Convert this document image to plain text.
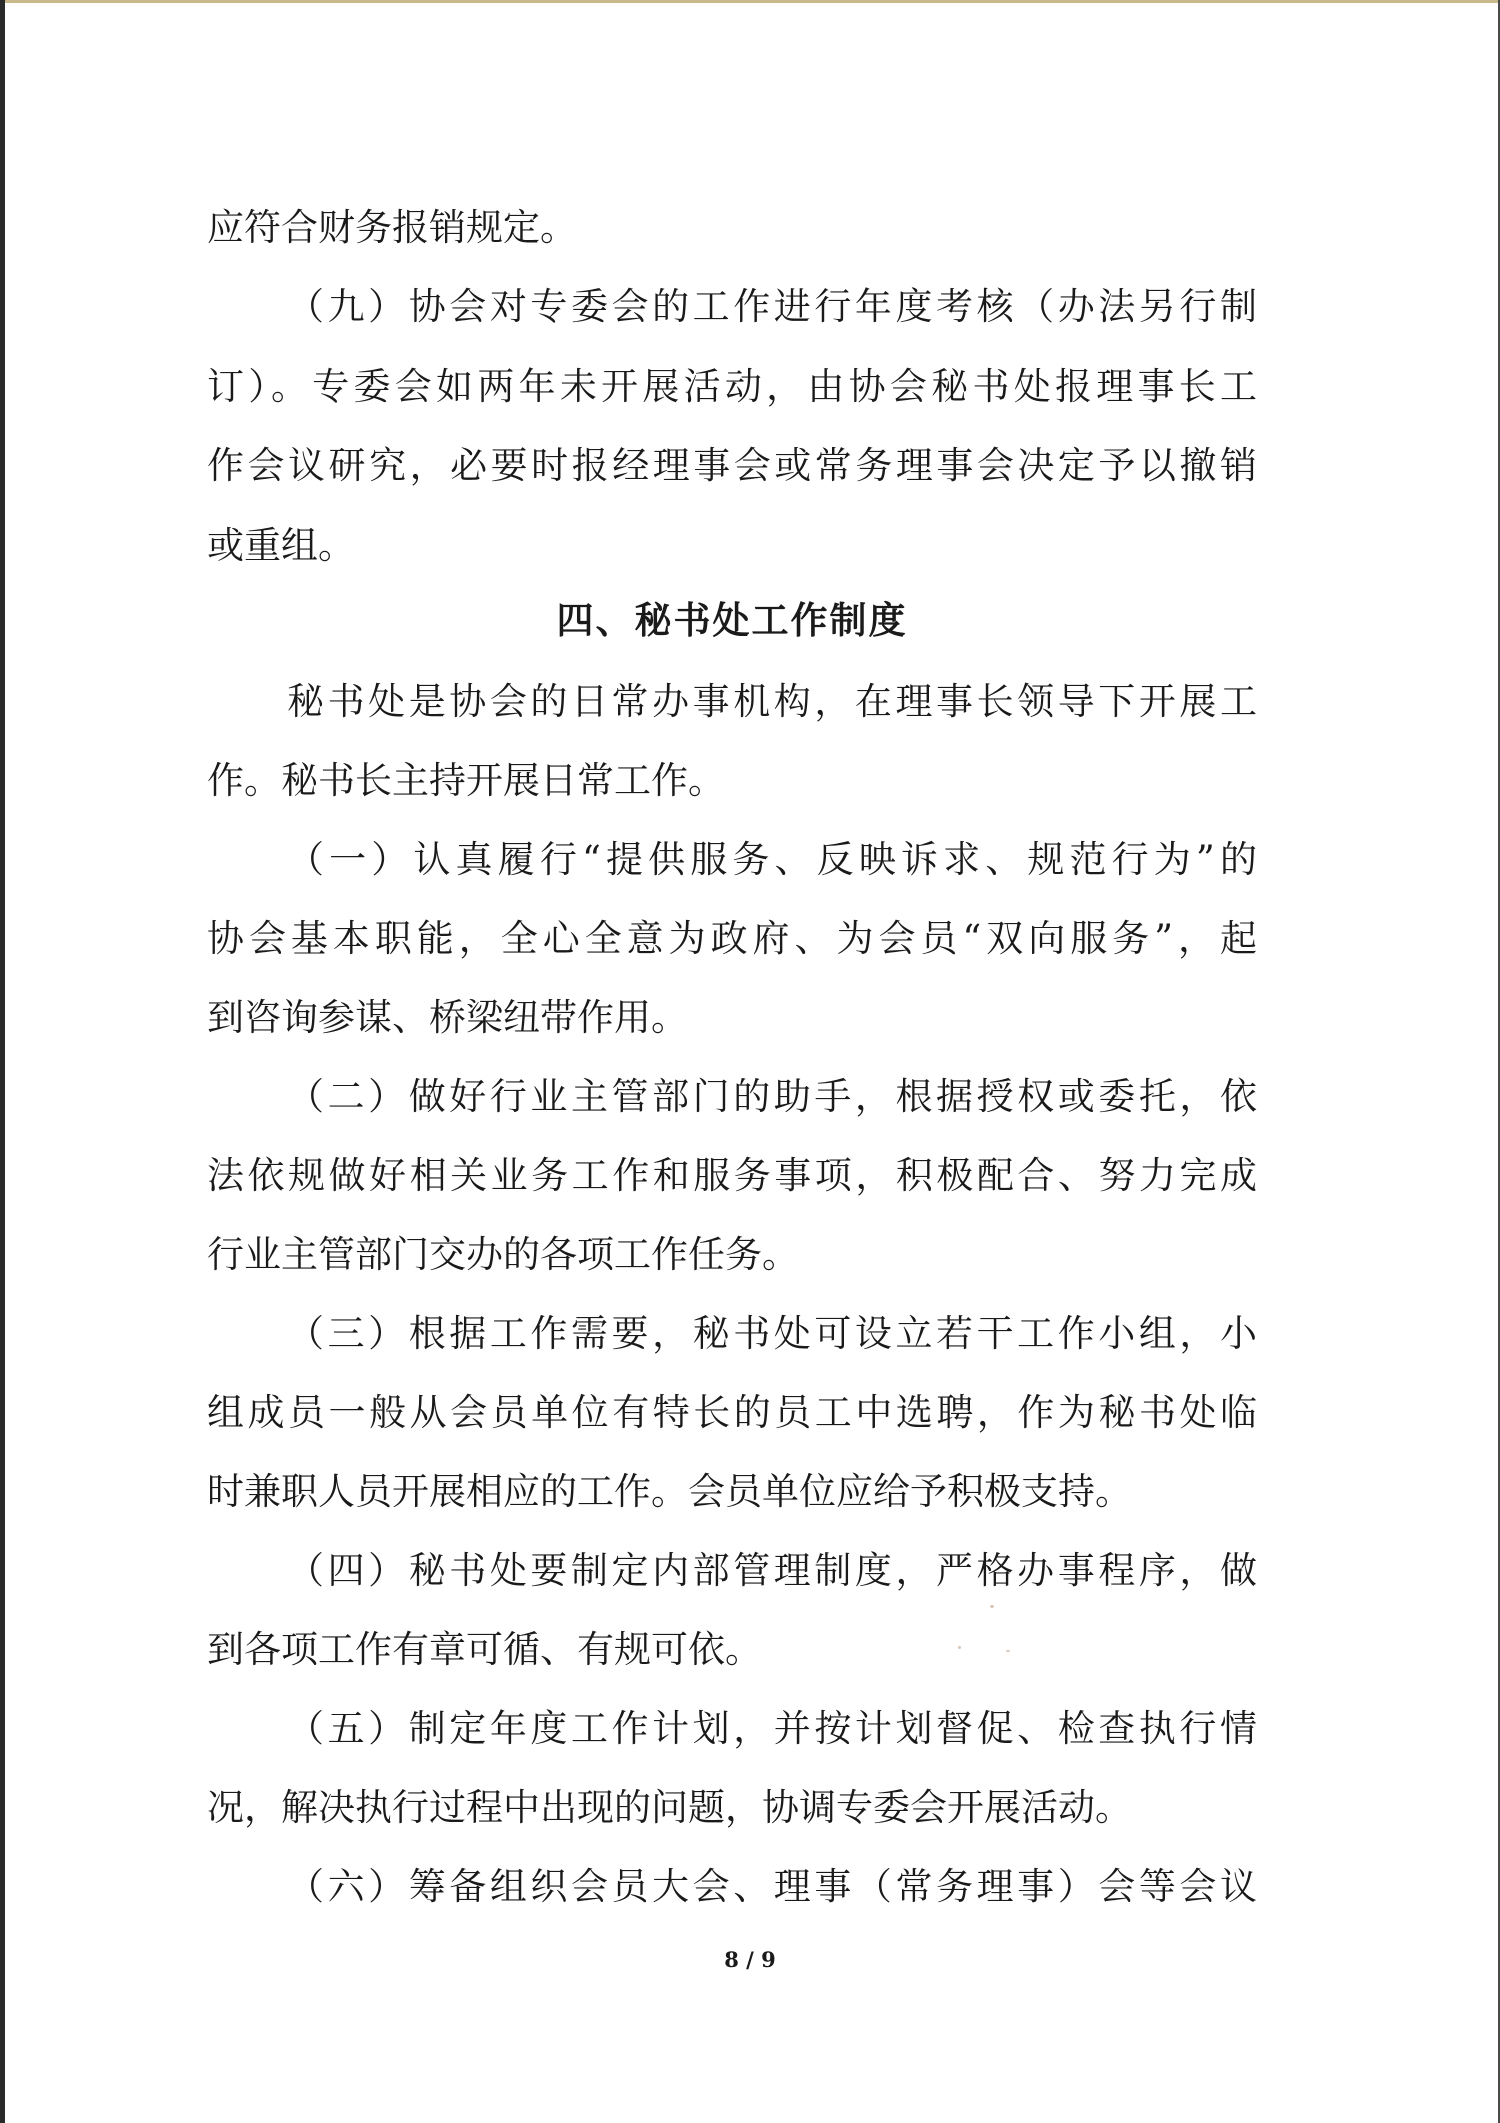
应符合财务报销规定。
（九）协会对专委会的工作进行年度考核（办法另行制
订）。专委会如两年未开展活动，由协会秘书处报理事长工
作会议研究，必要时报经理事会或常务理事会决定予以撤销
或重组。
四、秘书处工作制度
秘书处是协会的日常办事机构，在理事长领导下开展工
作。秘书长主持开展日常工作。
（一）认真履行“提供服务、反映诉求、规范行为”的
协会基本职能，全心全意为政府、为会员“双向服务”，起
到咨询参谋、桥梁纽带作用。
（二）做好行业主管部门的助手，根据授权或委托，依
法依规做好相关业务工作和服务事项，积极配合、努力完成
行业主管部门交办的各项工作任务。
（三）根据工作需要，秘书处可设立若干工作小组，小
组成员一般从会员单位有特长的员工中选聘，作为秘书处临
时兼职人员开展相应的工作。会员单位应给予积极支持。
（四）秘书处要制定内部管理制度，严格办事程序，做
到各项工作有章可循、有规可依。
（五）制定年度工作计划，并按计划督促、检查执行情
况，解决执行过程中出现的问题，协调专委会开展活动。
（六）筹备组织会员大会、理事（常务理事）会等会议
8 / 9
